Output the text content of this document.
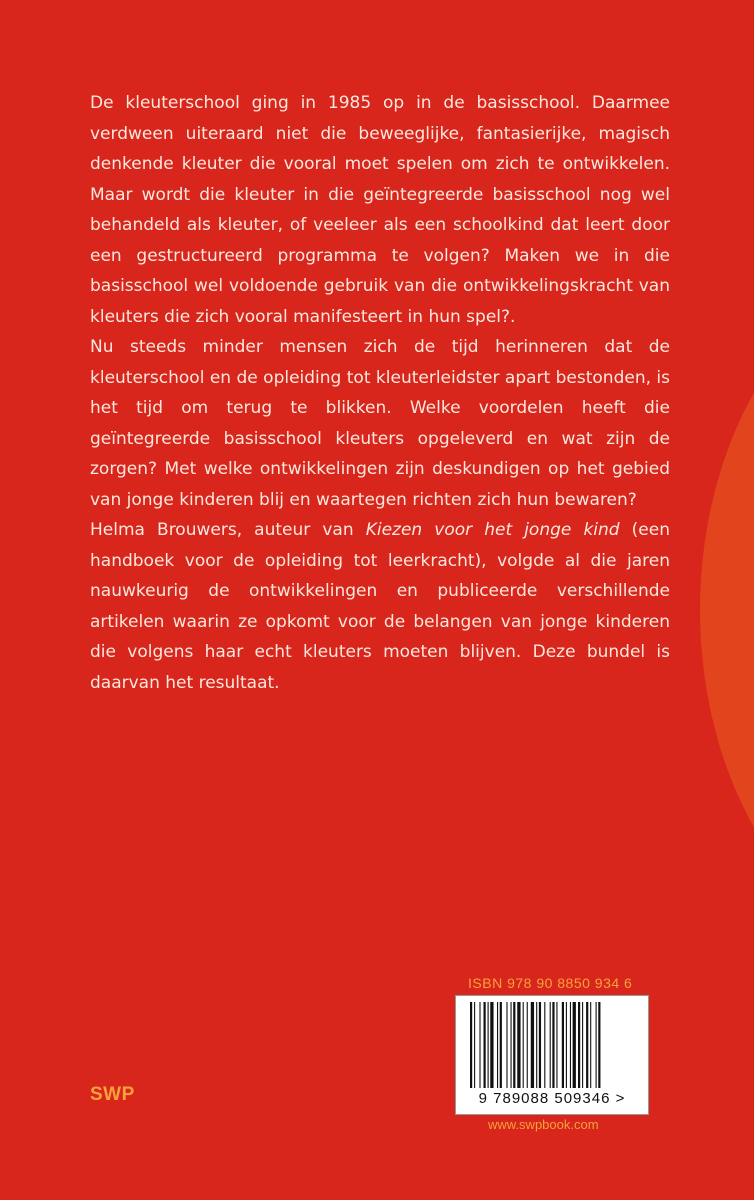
De kleuterschool ging in 1985 op in de basisschool. Daarmee verdween uiteraard niet die beweeglijke, fantasierijke, magisch denkende kleuter die vooral moet spelen om zich te ontwikkelen. Maar wordt die kleuter in die geïntegreerde basisschool nog wel behandeld als kleuter, of veeleer als een schoolkind dat leert door een gestructureerd programma te volgen? Maken we in die basisschool wel voldoende gebruik van die ontwikkelingskracht van kleuters die zich vooral manifesteert in hun spel?.

Nu steeds minder mensen zich de tijd herinneren dat de kleuterschool en de opleiding tot kleuterleidster apart bestonden, is het tijd om terug te blikken. Welke voordelen heeft die geïntegreerde basisschool kleuters opgeleverd en wat zijn de zorgen? Met welke ontwikkelingen zijn deskundigen op het gebied van jonge kinderen blij en waartegen richten zich hun bewaren?

Helma Brouwers, auteur van Kiezen voor het jonge kind (een handboek voor de opleiding tot leerkracht), volgde al die jaren nauwkeurig de ontwikkelingen en publiceerde verschillende artikelen waarin ze opkomt voor de belangen van jonge kinderen die volgens haar echt kleuters moeten blijven. Deze bundel is daarvan het resultaat.

ISBN 978 90 8850 934 6
9 789088 509346 >
www.swpbook.com
SWP
